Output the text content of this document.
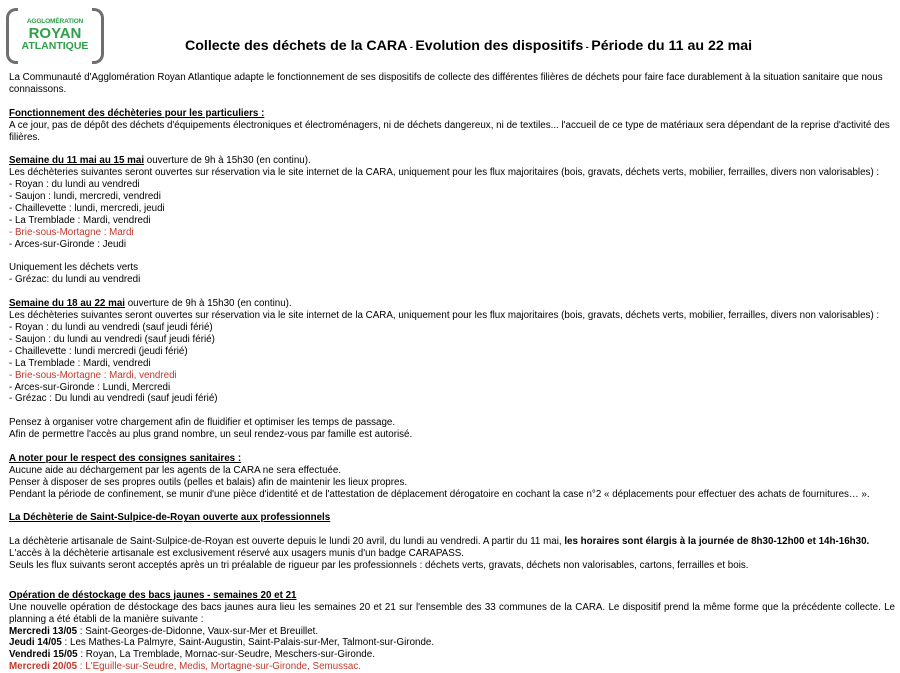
AGGLOMÉRATION
ROYAN
ATLANTIQUE	Collecte des déchets de la CARA - Evolution des dispositifs - Période du 11 au 22 mai

La Communauté d'Agglomération Royan Atlantique adapte le fonctionnement de ses dispositifs de collecte des différentes filières de déchets pour faire face durablement à la situation sanitaire que nous connaissons.

Fonctionnement des déchèteries pour les particuliers :

A ce jour, pas de dépôt des déchets d'équipements électroniques et électroménagers, ni de déchets dangereux, ni de textiles... l'accueil de ce type de matériaux sera dépendant de la reprise d'activité des filières.

Semaine du 11 mai au 15 mai ouverture de 9h à 15h30 (en continu).

Les déchèteries suivantes seront ouvertes sur réservation via le site internet de la CARA, uniquement pour les flux majoritaires (bois, gravats, déchets verts, mobilier, ferrailles, divers non valorisables) :

- Royan : du lundi au vendredi

- Saujon : lundi, mercredi, vendredi

- Chaillevette : lundi, mercredi, jeudi

- La Tremblade : Mardi, vendredi

- Brie-sous-Mortagne : Mardi

- Arces-sur-Gironde : Jeudi

Uniquement les déchets verts

- Grézac: du lundi au vendredi

Semaine du 18 au 22 mai ouverture de 9h à 15h30 (en continu).

Les déchèteries suivantes seront ouvertes sur réservation via le site internet de la CARA, uniquement pour les flux majoritaires (bois, gravats, déchets verts, mobilier, ferrailles, divers non valorisables) :

- Royan : du lundi au vendredi (sauf jeudi férié)

- Saujon : du lundi au vendredi (sauf jeudi férié)

- Chaillevette : lundi mercredi (jeudi férié)

- La Tremblade : Mardi, vendredi

- Brie-sous-Mortagne : Mardi, vendredi

- Arces-sur-Gironde : Lundi, Mercredi

- Grézac : Du lundi au vendredi (sauf jeudi férié)

Pensez à organiser votre chargement afin de fluidifier et optimiser les temps de passage.

Afin de permettre l'accès au plus grand nombre, un seul rendez-vous par famille est autorisé.

A noter pour le respect des consignes sanitaires :

Aucune aide au déchargement par les agents de la CARA ne sera effectuée.

Penser à disposer de ses propres outils (pelles et balais) afin de maintenir les lieux propres.

Pendant la période de confinement, se munir d'une pièce d'identité et de l'attestation de déplacement dérogatoire en cochant la case n°2 « déplacements pour effectuer des achats de fournitures… ».

La Déchèterie de Saint-Sulpice-de-Royan ouverte aux professionnels

La déchèterie artisanale de Saint-Sulpice-de-Royan est ouverte depuis le lundi 20 avril, du lundi au vendredi. A partir du 11 mai, les horaires sont élargis à la journée de 8h30-12h00 et 14h-16h30.

L'accès à la déchèterie artisanale est exclusivement réservé aux usagers munis d'un badge CARAPASS.

Seuls les flux suivants seront acceptés après un tri préalable de rigueur par les professionnels : déchets verts, gravats, déchets non valorisables, cartons, ferrailles et bois.

Opération de déstockage des bacs jaunes - semaines 20 et 21

Une nouvelle opération de déstockage des bacs jaunes aura lieu les semaines 20 et 21 sur l'ensemble des 33 communes de la CARA. Le dispositif prend la même forme que la précédente collecte. Le planning a été établi de la manière suivante :

Mercredi 13/05 : Saint-Georges-de-Didonne, Vaux-sur-Mer et Breuillet.

Jeudi 14/05 : Les Mathes-La Palmyre, Saint-Augustin, Saint-Palais-sur-Mer, Talmont-sur-Gironde.

Vendredi 15/05 : Royan, La Tremblade, Mornac-sur-Seudre, Meschers-sur-Gironde.

Mercredi 20/05 : L'Eguille-sur-Seudre, Medis, Mortagne-sur-Gironde, Semussac.
